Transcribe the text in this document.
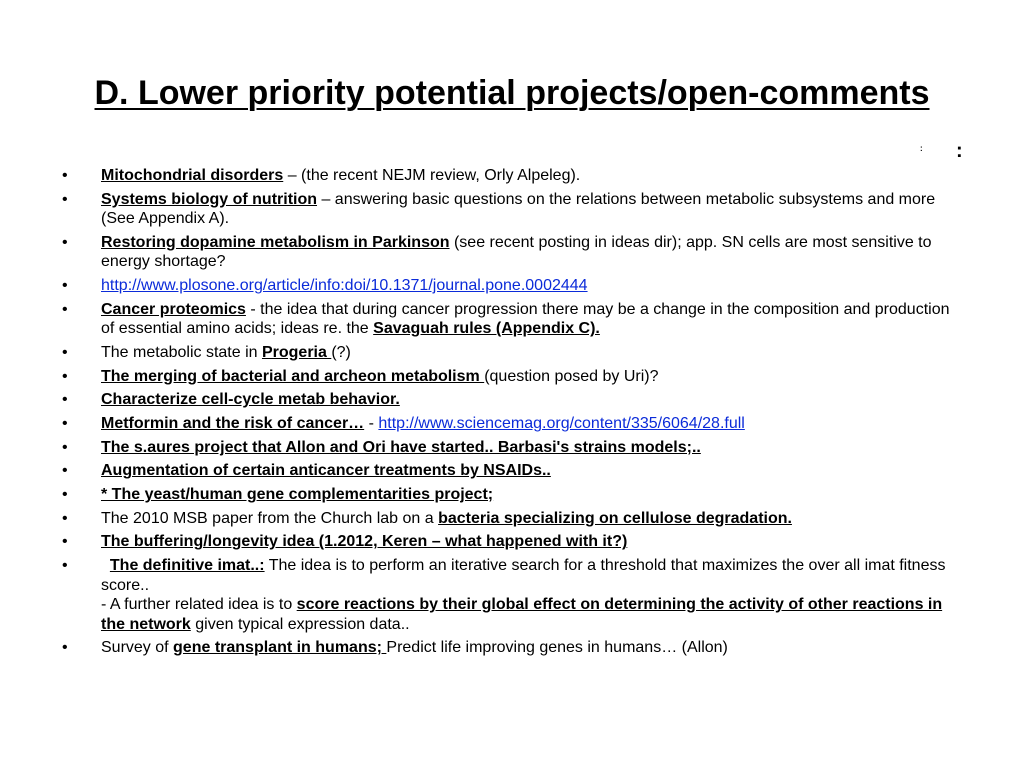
D. Lower priority potential projects/open-comments
: :
• Mitochondrial disorders – (the recent NEJM review, Orly Alpeleg).
• Systems biology of nutrition – answering basic questions on the relations between metabolic subsystems and more (See Appendix A).
• Restoring dopamine metabolism in Parkinson (see recent posting in ideas dir); app. SN cells are most sensitive to energy shortage?
• http://www.plosone.org/article/info:doi/10.1371/journal.pone.0002444
• Cancer proteomics - the idea that during cancer progression there may be a change in the composition and production of essential amino acids; ideas re. the Savaguah rules (Appendix C).
• The metabolic state in Progeria (?)
• The merging of bacterial and archeon metabolism (question posed by Uri)?
• Characterize cell-cycle metab behavior.
• Metformin and the risk of cancer… - http://www.sciencemag.org/content/335/6064/28.full
• The s.aures project that Allon and Ori have started.. Barbasi's strains models;..
• Augmentation of certain anticancer treatments by NSAIDs..
• * The yeast/human gene complementarities project;
• The 2010 MSB paper from the Church lab on a bacteria specializing on cellulose degradation.
• The buffering/longevity idea (1.2012, Keren – what happened with it?)
•	The definitive imat..: The idea is to perform an iterative search for a threshold that maximizes the over all imat fitness score..
- A further related idea is to score reactions by their global effect on determining the activity of other reactions in the network given typical expression data..
• Survey of gene transplant in humans; Predict life improving genes in humans… (Allon)
